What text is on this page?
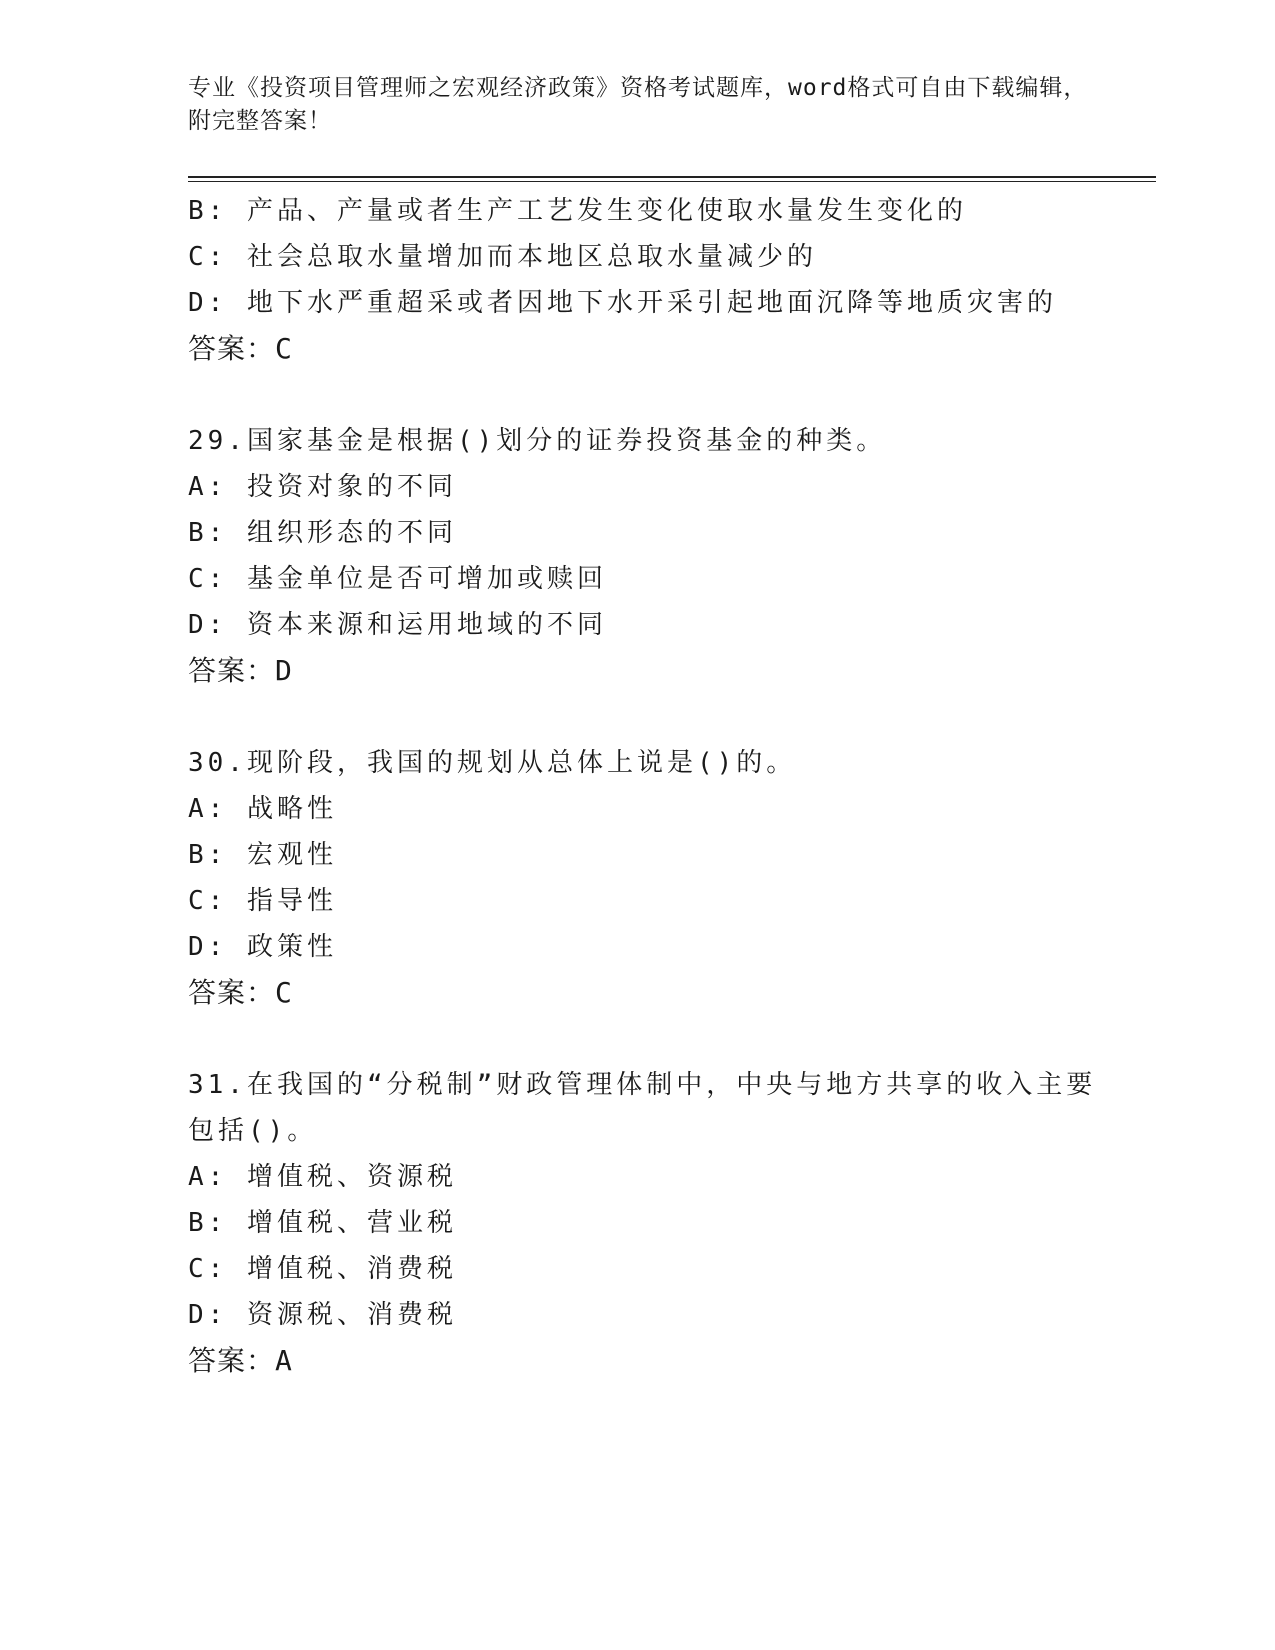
专业《投资项目管理师之宏观经济政策》资格考试题库，word格式可自由下载编辑，附完整答案！
B: 产品、产量或者生产工艺发生变化使取水量发生变化的
C: 社会总取水量增加而本地区总取水量减少的
D: 地下水严重超采或者因地下水开采引起地面沉降等地质灾害的
答案：C
29.国家基金是根据()划分的证券投资基金的种类。
A: 投资对象的不同
B: 组织形态的不同
C: 基金单位是否可增加或赎回
D: 资本来源和运用地域的不同
答案：D
30.现阶段，我国的规划从总体上说是()的。
A: 战略性
B: 宏观性
C: 指导性
D: 政策性
答案：C
31.在我国的“分税制”财政管理体制中，中央与地方共享的收入主要
包括()。
A: 增值税、资源税
B: 增值税、营业税
C: 增值税、消费税
D: 资源税、消费税
答案：A
